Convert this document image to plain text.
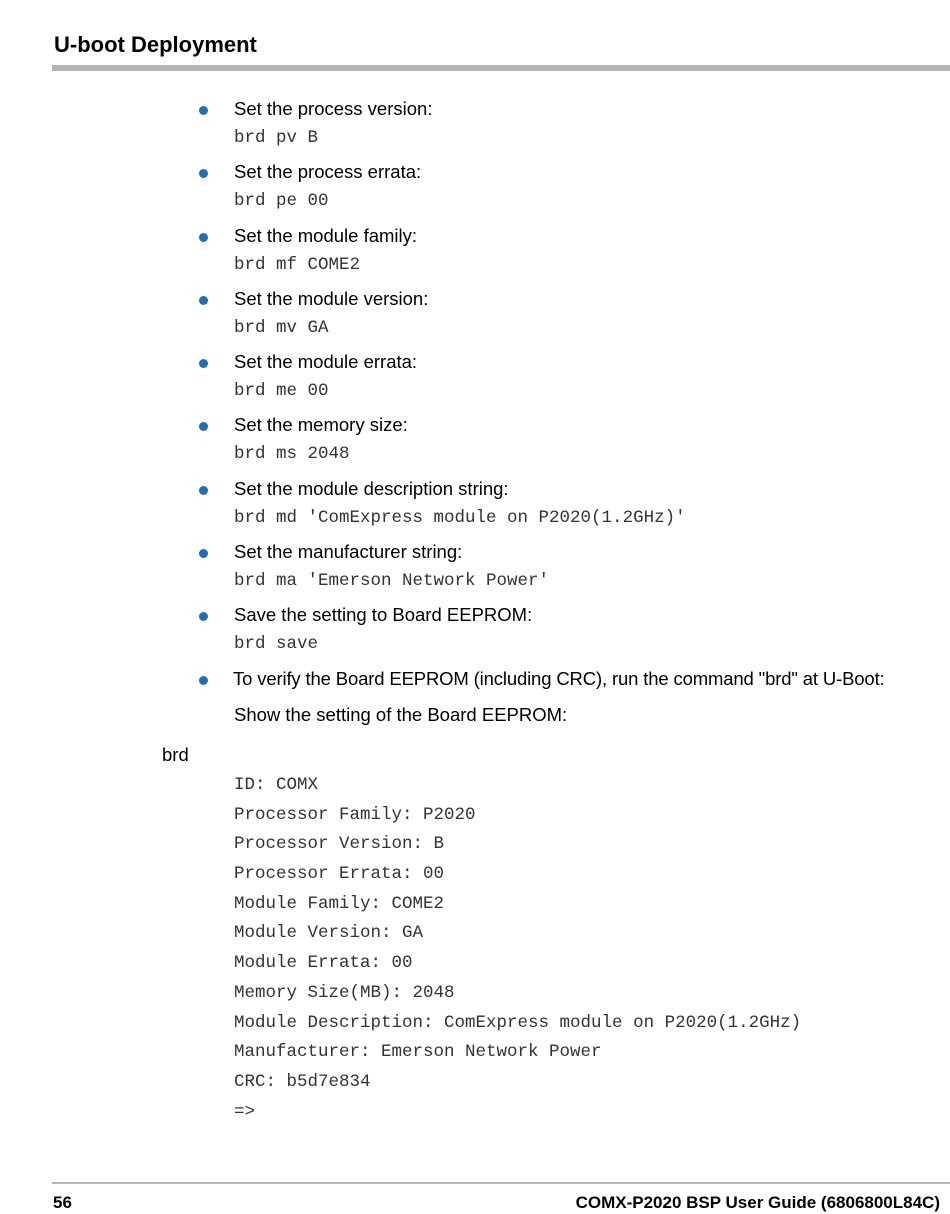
U-boot Deployment
Set the process version:
brd pv B
Set the process errata:
brd pe 00
Set the module family:
brd mf COME2
Set the module version:
brd mv GA
Set the module errata:
brd me 00
Set the memory size:
brd ms 2048
Set the module description string:
brd md 'ComExpress module on P2020(1.2GHz)'
Set the manufacturer string:
brd ma 'Emerson Network Power'
Save the setting to Board EEPROM:
brd save
To verify the Board EEPROM (including CRC), run the command "brd" at U-Boot:
Show the setting of the Board EEPROM:
brd
ID: COMX
Processor Family: P2020
Processor Version: B
Processor Errata: 00
Module Family: COME2
Module Version: GA
Module Errata: 00
Memory Size(MB): 2048
Module Description: ComExpress module on P2020(1.2GHz)
Manufacturer: Emerson Network Power
CRC: b5d7e834
=>
56	COMX-P2020 BSP User Guide (6806800L84C)
